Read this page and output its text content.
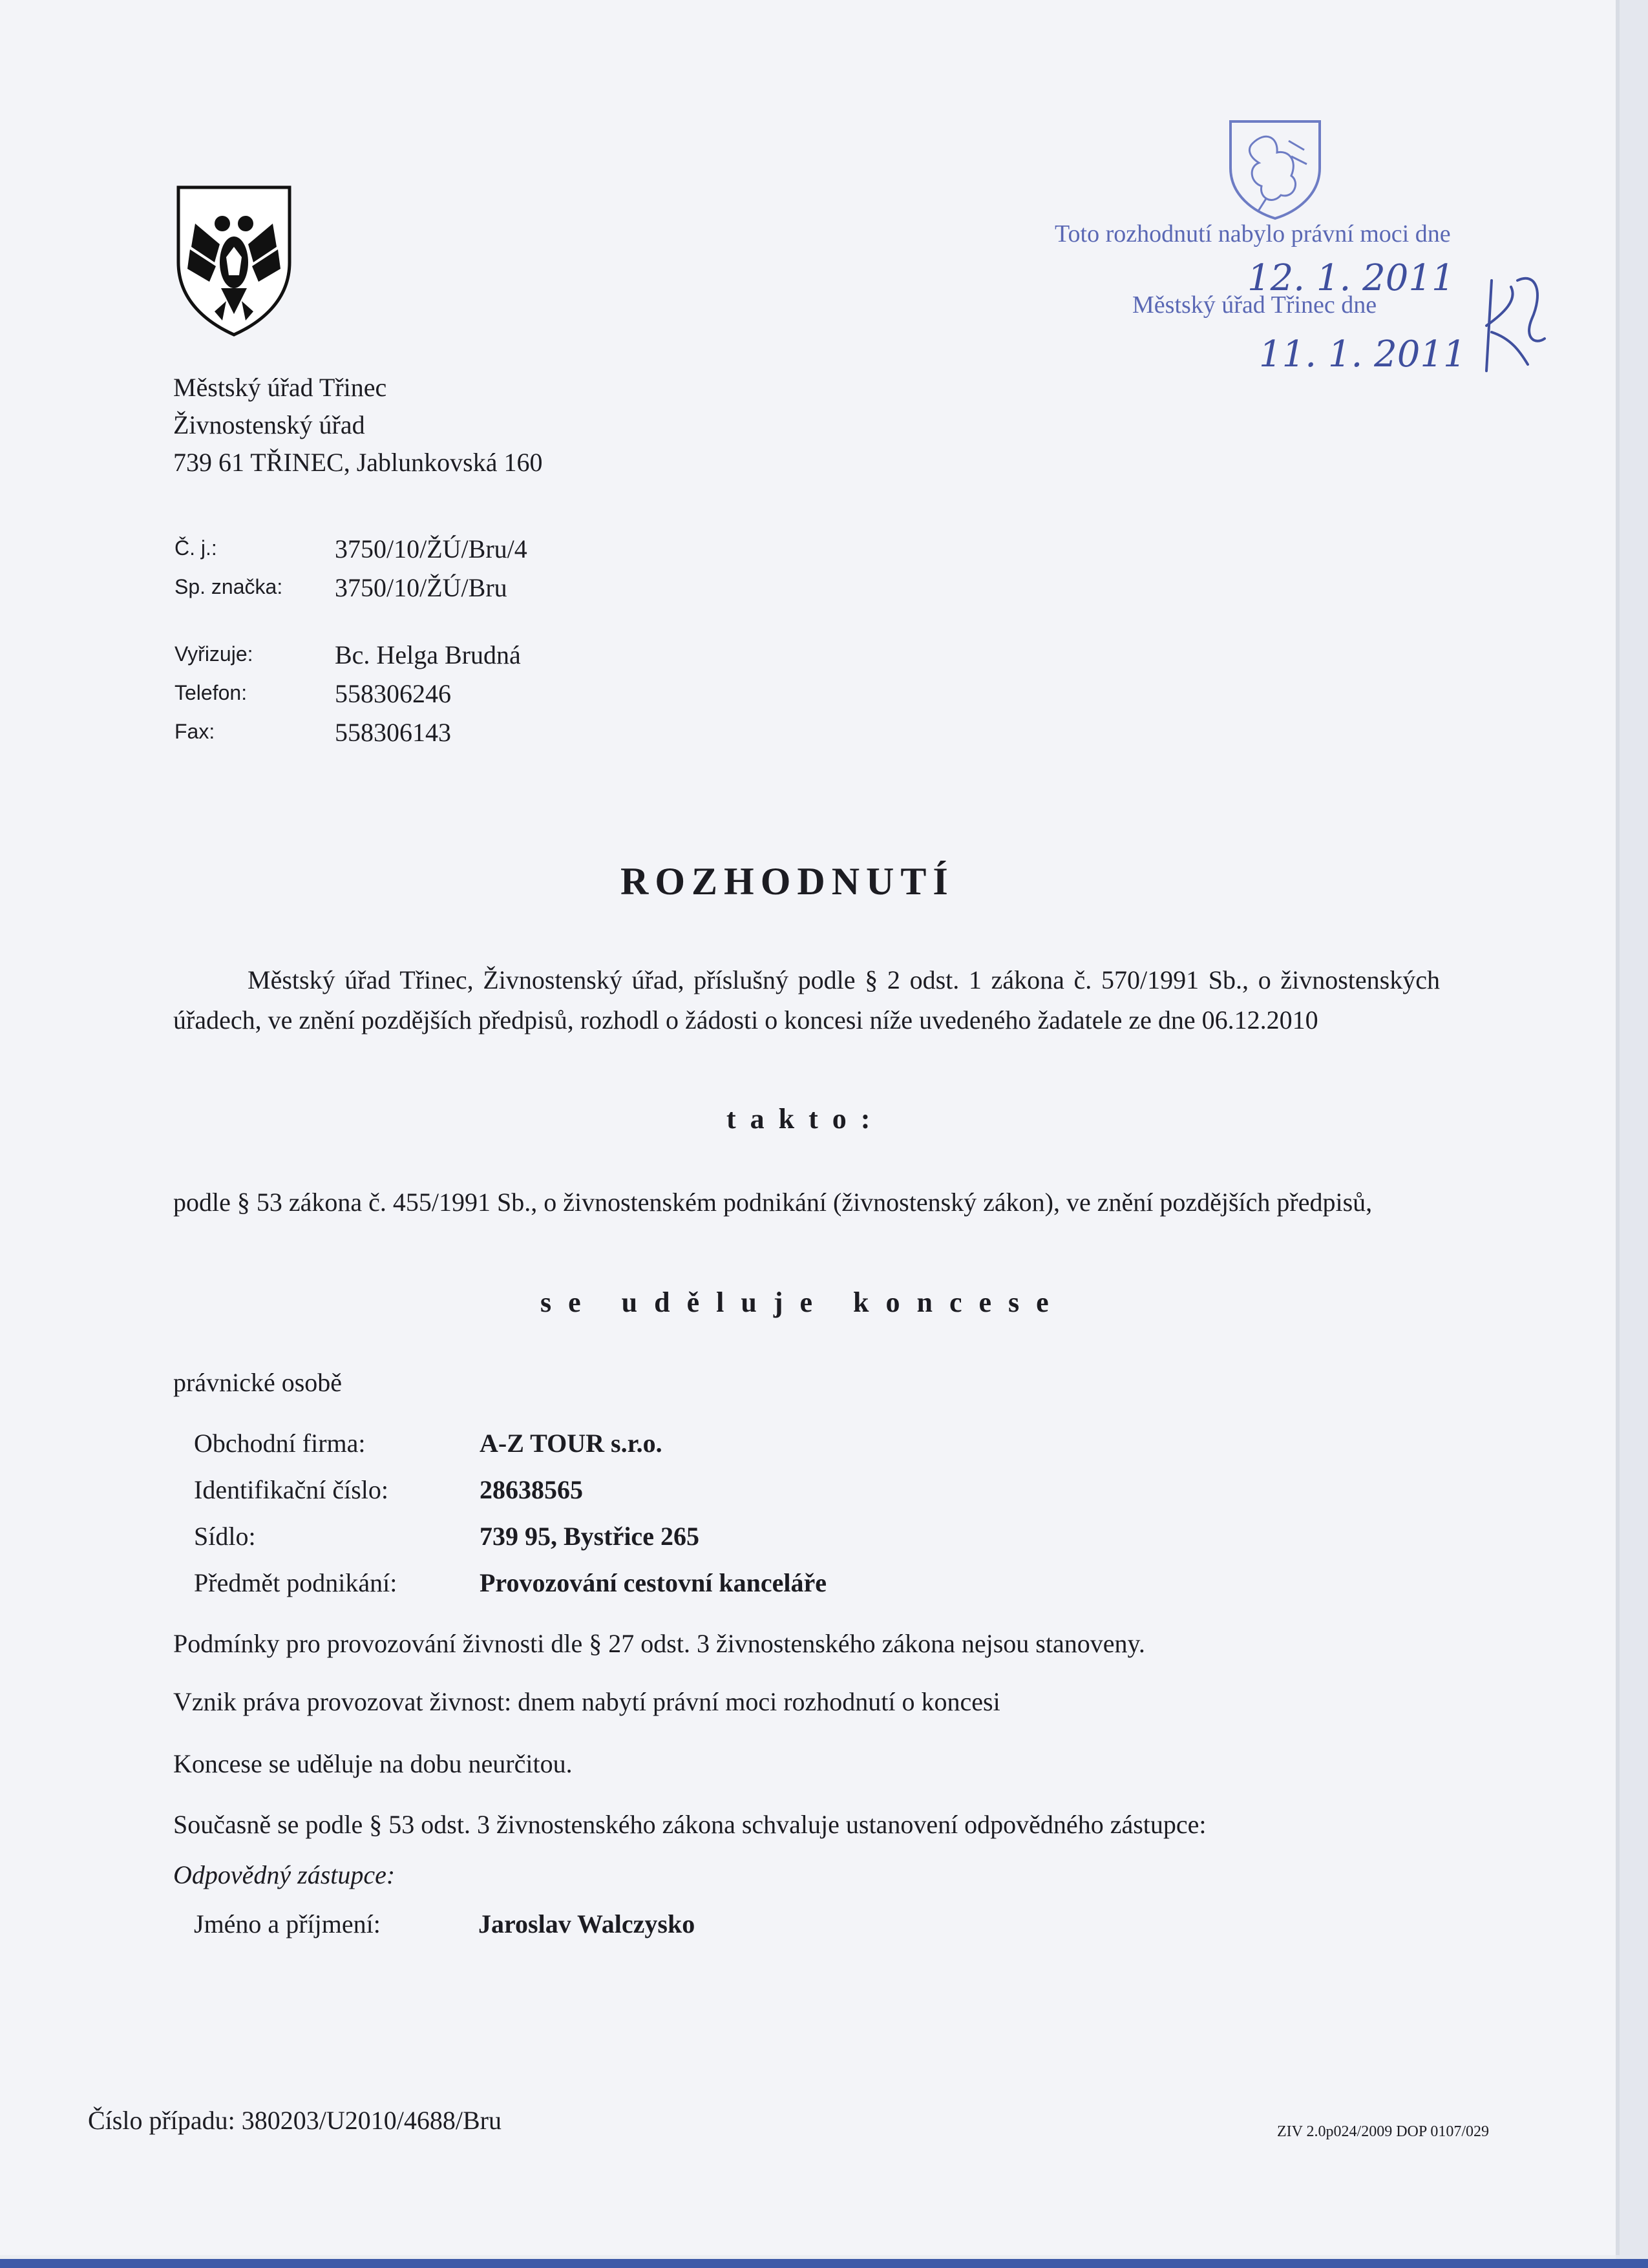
Toto rozhodnutí nabylo právní moci dne
12. 1. 2011
Městský úřad Třinec dne
11. 1. 2011
Městský úřad Třinec
Živnostenský úřad
739 61 TŘINEC, Jablunkovská 160
Č. j.:	3750/10/ŽÚ/Bru/4
Sp. značka: 3750/10/ŽÚ/Bru
Vyřizuje:	Bc. Helga Brudná
Telefon:	558306246
Fax:	558306143
ROZHODNUTÍ
Městský úřad Třinec, Živnostenský úřad, příslušný podle § 2 odst. 1 zákona č. 570/1991 Sb., o živnostenských úřadech, ve znění pozdějších předpisů, rozhodl o žádosti o koncesi níže uvedeného žadatele ze dne 06.12.2010
takto:
podle § 53 zákona č. 455/1991 Sb., o živnostenském podnikání (živnostenský zákon), ve znění pozdějších předpisů,
se uděluje koncese
právnické osobě
Obchodní firma:	A-Z TOUR s.r.o.
Identifikační číslo:	28638565
Sídlo:	739 95, Bystřice 265
Předmět podnikání:	Provozování cestovní kanceláře
Podmínky pro provozování živnosti dle § 27 odst. 3 živnostenského zákona nejsou stanoveny.
Vznik práva provozovat živnost: dnem nabytí právní moci rozhodnutí o koncesi
Koncese se uděluje na dobu neurčitou.
Současně se podle § 53 odst. 3 živnostenského zákona schvaluje ustanovení odpovědného zástupce:
Odpovědný zástupce:
Jméno a příjmení:	Jaroslav Walczysko
Číslo případu: 380203/U2010/4688/Bru	ZIV 2.0p024/2009 DOP 0107/029
